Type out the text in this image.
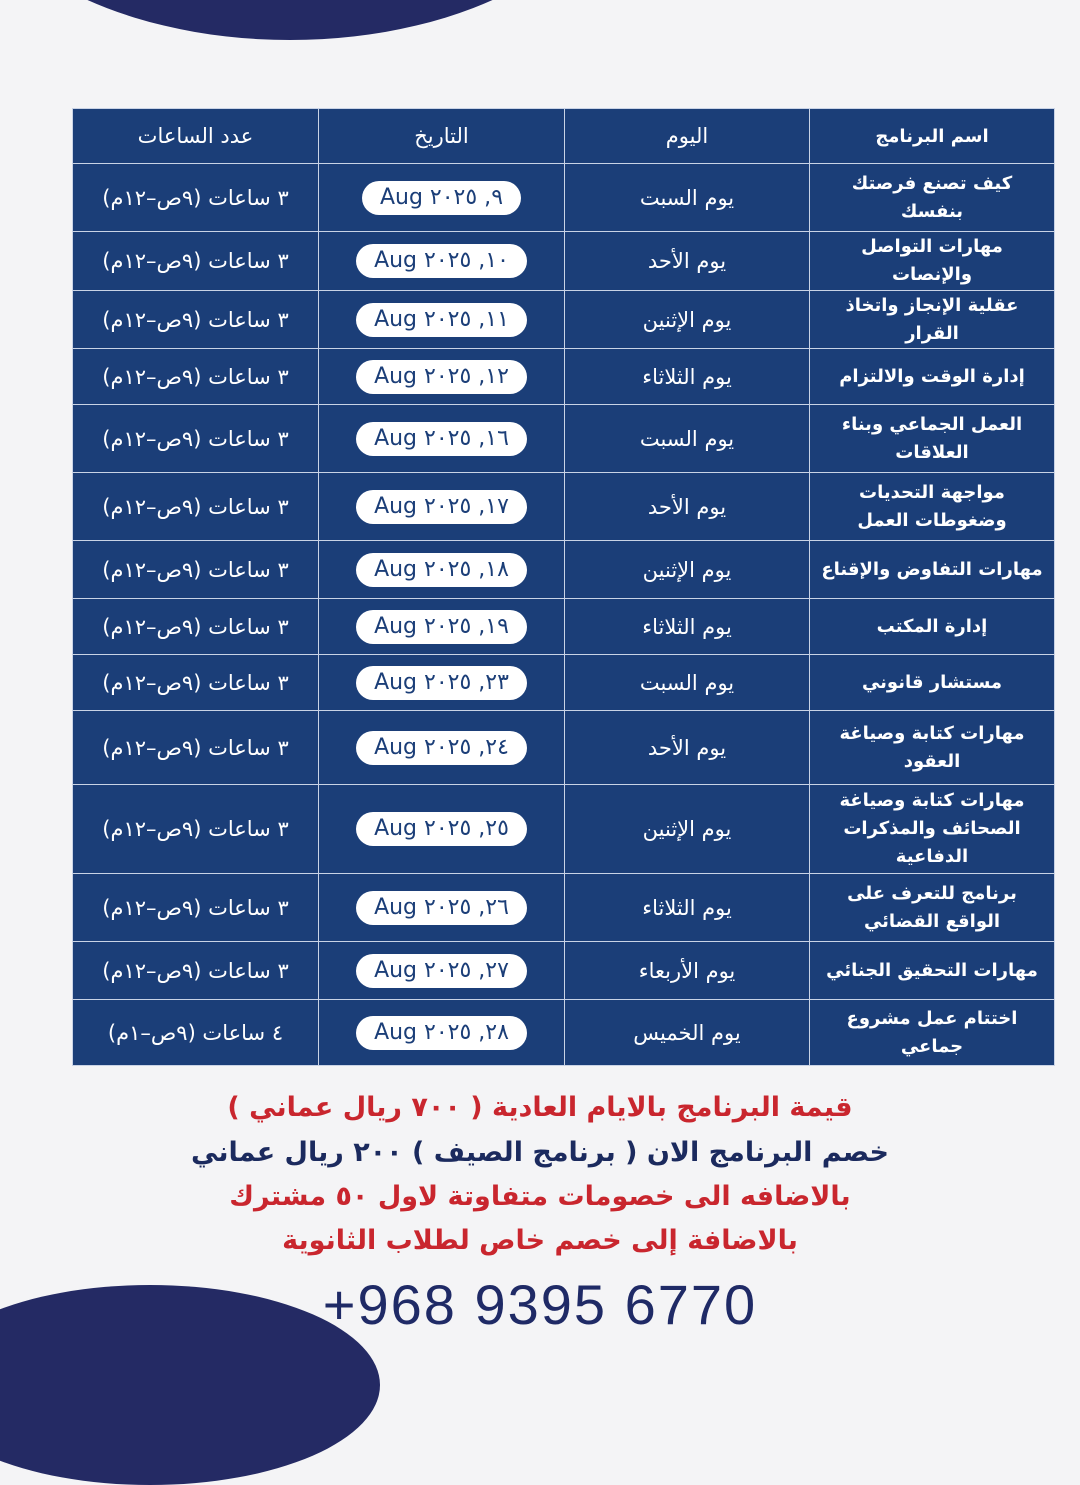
اسم البرنامج	اليوم	التاريخ	عدد الساعات
كيف تصنع فرصتك بنفسك	يوم السبت	Aug ٩, ٢٠٢٥	٣ ساعات (٩ص–١٢م)
مهارات التواصل والإنصات	يوم الأحد	Aug ١٠, ٢٠٢٥	٣ ساعات (٩ص–١٢م)
عقلية الإنجاز واتخاذ القرار	يوم الإثنين	Aug ١١, ٢٠٢٥	٣ ساعات (٩ص–١٢م)
إدارة الوقت والالتزام	يوم الثلاثاء	Aug ١٢, ٢٠٢٥	٣ ساعات (٩ص–١٢م)
العمل الجماعي وبناء العلاقات	يوم السبت	Aug ١٦, ٢٠٢٥	٣ ساعات (٩ص–١٢م)
مواجهة التحديات وضغوطات العمل	يوم الأحد	Aug ١٧, ٢٠٢٥	٣ ساعات (٩ص–١٢م)
مهارات التفاوض والإقناع	يوم الإثنين	Aug ١٨, ٢٠٢٥	٣ ساعات (٩ص–١٢م)
إدارة المكتب	يوم الثلاثاء	Aug ١٩, ٢٠٢٥	٣ ساعات (٩ص–١٢م)
مستشار قانوني	يوم السبت	Aug ٢٣, ٢٠٢٥	٣ ساعات (٩ص–١٢م)
مهارات كتابة وصياغة العقود	يوم الأحد	Aug ٢٤, ٢٠٢٥	٣ ساعات (٩ص–١٢م)
مهارات كتابة وصياغة الصحائف والمذكرات الدفاعية	يوم الإثنين	Aug ٢٥, ٢٠٢٥	٣ ساعات (٩ص–١٢م)
برنامج للتعرف على الواقع القضائي	يوم الثلاثاء	Aug ٢٦, ٢٠٢٥	٣ ساعات (٩ص–١٢م)
مهارات التحقيق الجنائي	يوم الأربعاء	Aug ٢٧, ٢٠٢٥	٣ ساعات (٩ص–١٢م)
اختتام عمل مشروع جماعي	يوم الخميس	Aug ٢٨, ٢٠٢٥	٤ ساعات (٩ص–١م)

قيمة البرنامج بالايام العادية ( ٧٠٠ ريال عماني )

خصم البرنامج الان ( برنامج الصيف ) ٢٠٠ ريال عماني

بالاضافه الى خصومات متفاوتة لاول ٥٠ مشترك

بالاضافة إلى خصم خاص لطلاب الثانوية

+968 9395 6770
